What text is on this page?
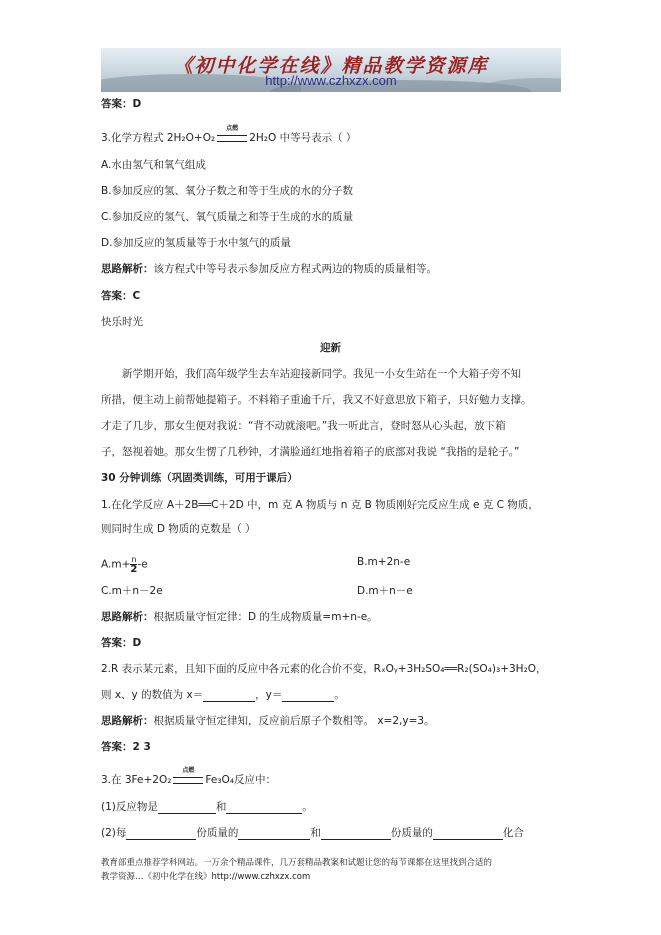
《初中化学在线》精品教学资源库
http://www.czhxzx.com
答案：D
3.化学方程式 2H₂O+O₂
点燃
2H₂O 中等号表示（ ）
A.水由氢气和氧气组成
B.参加反应的氢、氧分子数之和等于生成的水的分子数
C.参加反应的氢气、氧气质量之和等于生成的水的质量
D.参加反应的氢质量等于水中氢气的质量
思路解析：该方程式中等号表示参加反应方程式两边的物质的质量相等。
答案：C
快乐时光
迎新
新学期开始，我们高年级学生去车站迎接新同学。我见一小女生站在一个大箱子旁不知
所措，便主动上前帮她提箱子。不料箱子重逾千斤，我又不好意思放下箱子，只好勉力支撑。
才走了几步，那女生便对我说：“背不动就滚吧。”我一听此言，登时怒从心头起，放下箱
子，怒视着她。那女生愣了几秒钟，才满脸通红地指着箱子的底部对我说 “我指的是轮子。”
30 分钟训练（巩固类训练，可用于课后）
1.在化学反应 A＋2B══C＋2D 中，m 克 A 物质与 n 克 B 物质刚好完反应生成 e 克 C 物质，
则同时生成 D 物质的克数是（ ）
$A.m+ \frac{n}{2} -e$	B.m+2n-e
C.m＋n－2e	D.m＋n－e
思路解析：根据质量守恒定律：D 的生成物质量=m+n-e。
答案：D
2.R 表示某元素，且知下面的反应中各元素的化合价不变，RₓOᵧ+3H₂SO₄══R₂(SO₄)₃+3H₂O，
则 x、y 的数值为 x＝	，y＝	。
思路解析：根据质量守恒定律知，反应前后原子个数相等。 x=2,y=3。
答案：2 3
3.在 3Fe+2O₂
点燃
Fe₃O₄反应中：
(1)反应物是	和	。
(2)每	份质量的	和	份质量的	化合
教育部重点推荐学科网站。一万余个精品课件，几万套精品教案和试题让您的每节课都在这里找到合适的
教学资源…《初中化学在线》http://www.czhxzx.com
